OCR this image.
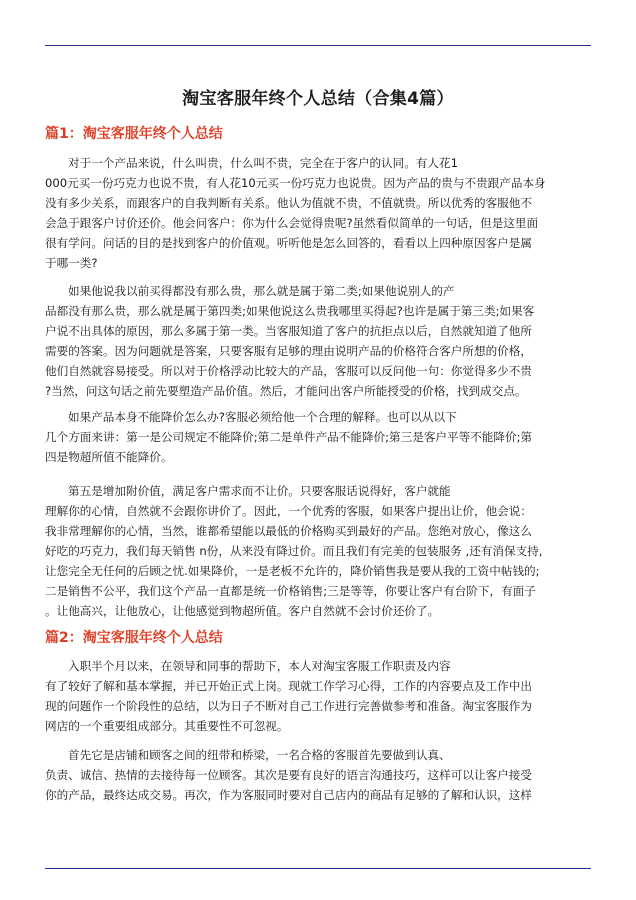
淘宝客服年终个人总结（合集4篇）
篇1：淘宝客服年终个人总结
对于一个产品来说，什么叫贵，什么叫不贵，完全在于客户的认同。有人花1
000元买一份巧克力也说不贵，有人花10元买一份巧克力也说贵。因为产品的贵与不贵跟产品本身
没有多少关系，而跟客户的自我判断有关系。他认为值就不贵，不值就贵。所以优秀的客服他不
会急于跟客户讨价还价。他会问客户：你为什么会觉得贵呢?虽然看似简单的一句话，但是这里面
很有学问。问话的目的是找到客户的价值观。听听他是怎么回答的，看看以上四种原因客户是属
于哪一类?
如果他说我以前买得都没有那么贵，那么就是属于第二类;如果他说别人的产
品都没有那么贵，那么就是属于第四类;如果他说这么贵我哪里买得起?也许是属于第三类;如果客
户说不出具体的原因，那么多属于第一类。当客服知道了客户的抗拒点以后，自然就知道了他所
需要的答案。因为问题就是答案，只要客服有足够的理由说明产品的价格符合客户所想的价格，
他们自然就容易接受。所以对于价格浮动比较大的产品，客服可以反问他一句：你觉得多少不贵
?当然，问这句话之前先要塑造产品价值。然后，才能问出客户所能授受的价格，找到成交点。
如果产品本身不能降价怎么办?客服必须给他一个合理的解释。也可以从以下
几个方面来讲：第一是公司规定不能降价;第二是单件产品不能降价;第三是客户平等不能降价;第
四是物超所值不能降价。
第五是增加附价值，满足客户需求而不让价。只要客服话说得好，客户就能
理解你的心情，自然就不会跟你讲价了。因此，一个优秀的客服，如果客户提出让价，他会说：
我非常理解你的心情，当然，谁都希望能以最低的价格购买到最好的产品。您绝对放心，像这么
好吃的巧克力，我们每天销售 n份，从来没有降过价。而且我们有完美的包装服务 ,还有消保支持,
让您完全无任何的后顾之忧.如果降价，一是老板不允许的，降价销售我是要从我的工资中帖钱的;
二是销售不公平，我们这个产品一直都是统一价格销售;三是等等，你要让客户有台阶下，有面子
。让他高兴，让他放心，让他感觉到物超所值。客户自然就不会讨价还价了。
篇2：淘宝客服年终个人总结
入职半个月以来，在领导和同事的帮助下，本人对淘宝客服工作职责及内容
有了较好了解和基本掌握，并已开始正式上岗。现就工作学习心得，工作的内容要点及工作中出
现的问题作一个阶段性的总结，以为日子不断对自己工作进行完善做参考和准备。淘宝客服作为
网店的一个重要组成部分。其重要性不可忽视。
首先它是店铺和顾客之间的纽带和桥梁，一名合格的客服首先要做到认真、
负责、诚信、热情的去接待每一位顾客。其次是要有良好的语言沟通技巧，这样可以让客户接受
你的产品，最终达成交易。再次，作为客服同时要对自己店内的商品有足够的了解和认识，这样
